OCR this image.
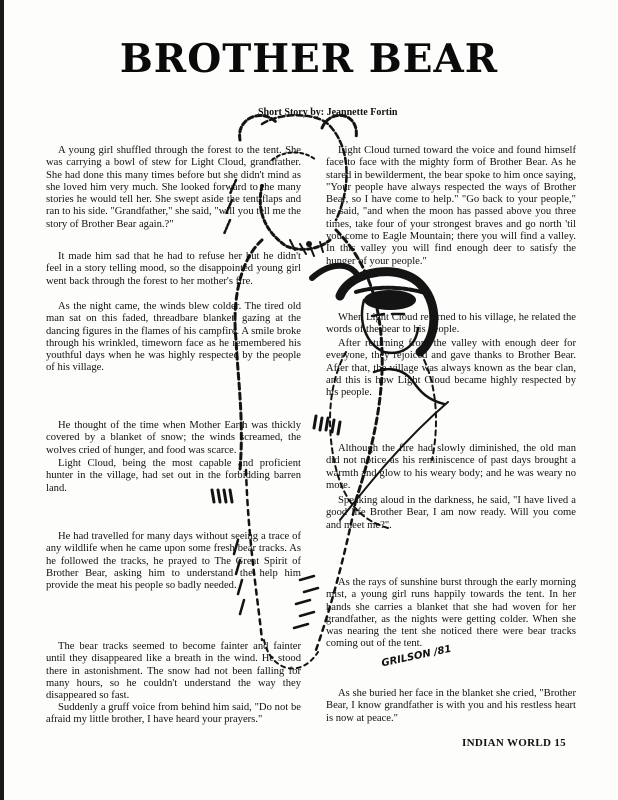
BROTHER BEAR
Short Story by: Jeannette Fortin

A young girl shuffled through the forest to the tent. She was carrying a bowl of stew for Light Cloud, grandfather. She had done this many times before but she didn't mind as she loved him very much. She looked forward to the many stories he would tell her. She swept aside the tent flaps and ran to his side. "Grandfather," she said, "will you tell me the story of Brother Bear again.?"

It made him sad that he had to refuse her but he didn't feel in a story telling mood, so the disappointed young girl went back through the forest to her mother's fire.

As the night came, the winds blew colder. The tired old man sat on this faded, threadbare blanket, gazing at the dancing figures in the flames of his campfire. A smile broke through his wrinkled, timeworn face as he remembered his youthful days when he was highly respected by the people of his village.

He thought of the time when Mother Earth was thickly covered by a blanket of snow; the winds screamed, the wolves cried of hunger, and food was scarce.

Light Cloud, being the most capable and proficient hunter in the village, had set out in the forbidding barren land.

He had travelled for many days without seeing a trace of any wildlife when he came upon some fresh bear tracks. As he followed the tracks, he prayed to The Great Spirit of Brother Bear, asking him to understand the help him provide the meat his people so badly needed.

The bear tracks seemed to become fainter and fainter until they disappeared like a breath in the wind. He stood there in astonishment. The snow had not been falling for many hours, so he couldn't understand the way they disappeared so fast.

Suddenly a gruff voice from behind him said, "Do not be afraid my little brother, I have heard your prayers."

Light Cloud turned toward the voice and found himself face to face with the mighty form of Brother Bear. As he stared in bewilderment, the bear spoke to him once saying, "Your people have always respected the ways of Brother Bear, so I have come to help." "Go back to your people," he said, "and when the moon has passed above you three times, take four of your strongest braves and go north 'til you come to Eagle Mountain; there you will find a valley. In this valley you will find enough deer to satisfy the hunger of your people."

When Light Cloud returned to his village, he related the words of the bear to his people.

After returning from the valley with enough deer for everyone, they rejoiced and gave thanks to Brother Bear. After that, the village was always known as the bear clan, and this is how Light Cloud became highly respected by his people.

Although the fire had slowly diminished, the old man did not notice as his reminiscence of past days brought a warmth and glow to his weary body; and he was weary no more.

Speaking aloud in the darkness, he said, "I have lived a good life Brother Bear, I am now ready. Will you come and meet me?".

As the rays of sunshine burst through the early morning mist, a young girl runs happily towards the tent. In her hands she carries a blanket that she had woven for her grandfather, as the nights were getting colder. When she was nearing the tent she noticed there were bear tracks coming out of the tent.

As she buried her face in the blanket she cried, "Brother Bear, I know grandfather is with you and his restless heart is now at peace."

GRILSON /81
INDIAN WORLD 15
